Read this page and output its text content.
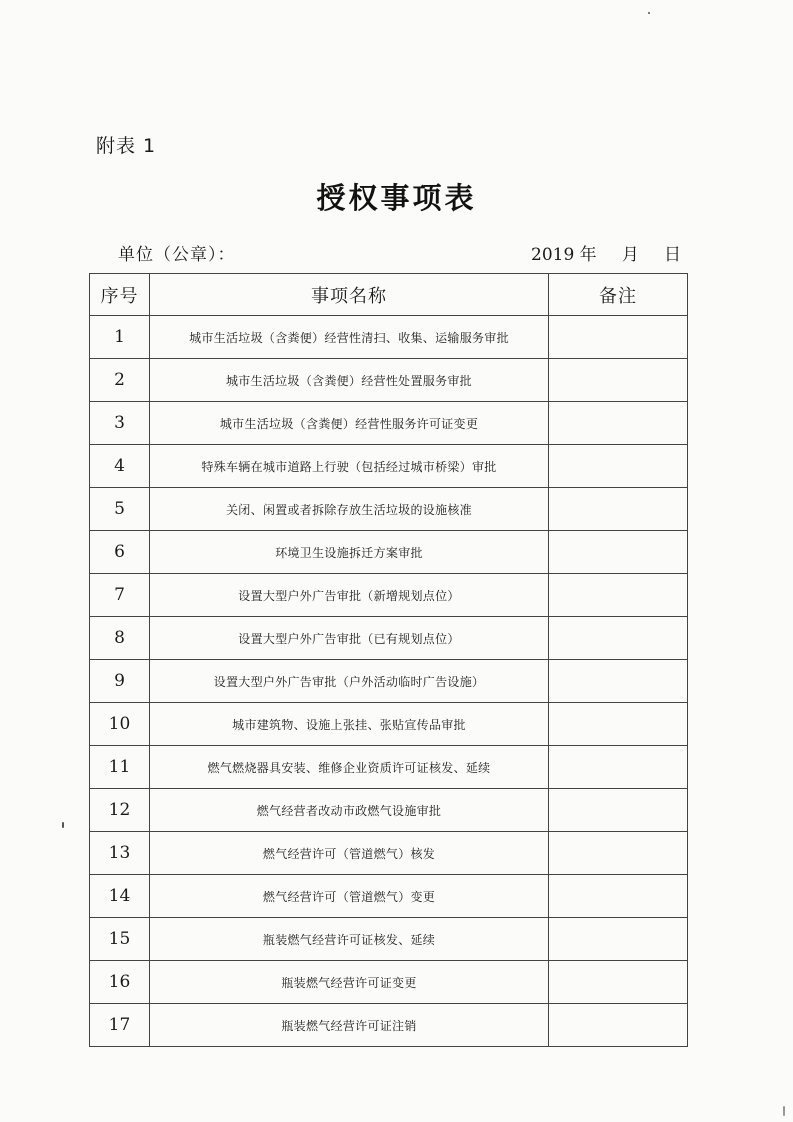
附表 1
授权事项表
单位（公章）：	2019 年 月 日
序号	事项名称	备注
1	城市生活垃圾（含粪便）经营性清扫、收集、运输服务审批	
2	城市生活垃圾（含粪便）经营性处置服务审批	
3	城市生活垃圾（含粪便）经营性服务许可证变更	
4	特殊车辆在城市道路上行驶（包括经过城市桥梁）审批	
5	关闭、闲置或者拆除存放生活垃圾的设施核准	
6	环境卫生设施拆迁方案审批	
7	设置大型户外广告审批（新增规划点位）	
8	设置大型户外广告审批（已有规划点位）	
9	设置大型户外广告审批（户外活动临时广告设施）	
10	城市建筑物、设施上张挂、张贴宣传品审批	
11	燃气燃烧器具安装、维修企业资质许可证核发、延续	
12	燃气经营者改动市政燃气设施审批	
13	燃气经营许可（管道燃气）核发	
14	燃气经营许可（管道燃气）变更	
15	瓶装燃气经营许可证核发、延续	
16	瓶装燃气经营许可证变更	
17	瓶装燃气经营许可证注销	
